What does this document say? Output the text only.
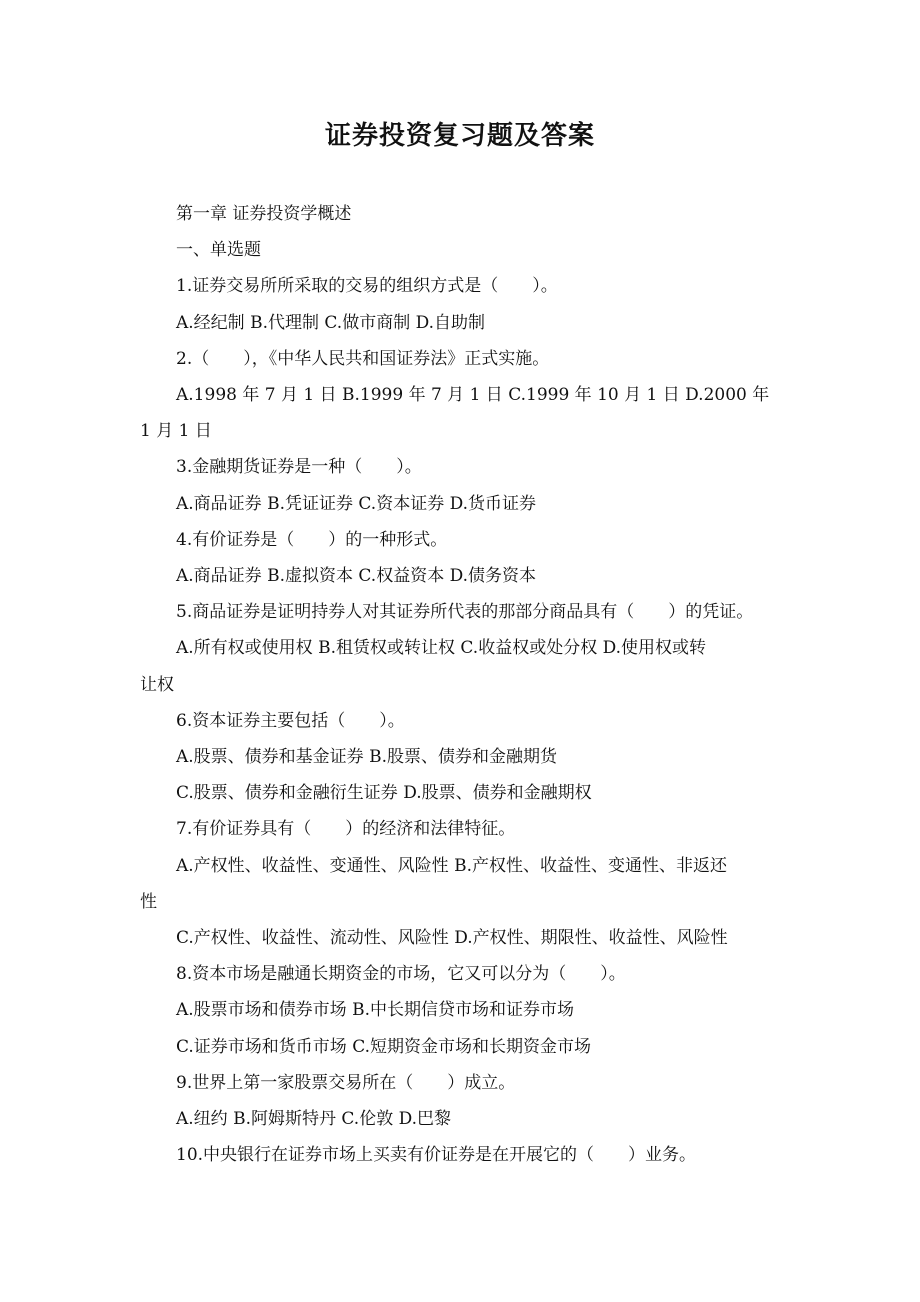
证券投资复习题及答案

第一章 证券投资学概述

一、单选题

1.证券交易所所采取的交易的组织方式是（　　）。

A.经纪制 B.代理制 C.做市商制 D.自助制

2.（　　），《中华人民共和国证券法》正式实施。

A.1998 年 7 月 1 日 B.1999 年 7 月 1 日 C.1999 年 10 月 1 日 D.2000 年

1 月 1 日

3.金融期货证券是一种（　　）。

A.商品证券 B.凭证证券 C.资本证券 D.货币证券

4.有价证券是（　　）的一种形式。

A.商品证券 B.虚拟资本 C.权益资本 D.债务资本

5.商品证券是证明持券人对其证券所代表的那部分商品具有（　　）的凭证。

A.所有权或使用权 B.租赁权或转让权 C.收益权或处分权 D.使用权或转

让权

6.资本证券主要包括（　　）。

A.股票、债券和基金证券 B.股票、债券和金融期货

C.股票、债券和金融衍生证券 D.股票、债券和金融期权

7.有价证券具有（　　）的经济和法律特征。

A.产权性、收益性、变通性、风险性 B.产权性、收益性、变通性、非返还

性

C.产权性、收益性、流动性、风险性 D.产权性、期限性、收益性、风险性

8.资本市场是融通长期资金的市场，它又可以分为（　　）。

A.股票市场和债券市场 B.中长期信贷市场和证券市场

C.证券市场和货币市场 C.短期资金市场和长期资金市场

9.世界上第一家股票交易所在（　　）成立。

A.纽约 B.阿姆斯特丹 C.伦敦 D.巴黎

10.中央银行在证券市场上买卖有价证券是在开展它的（　　）业务。
